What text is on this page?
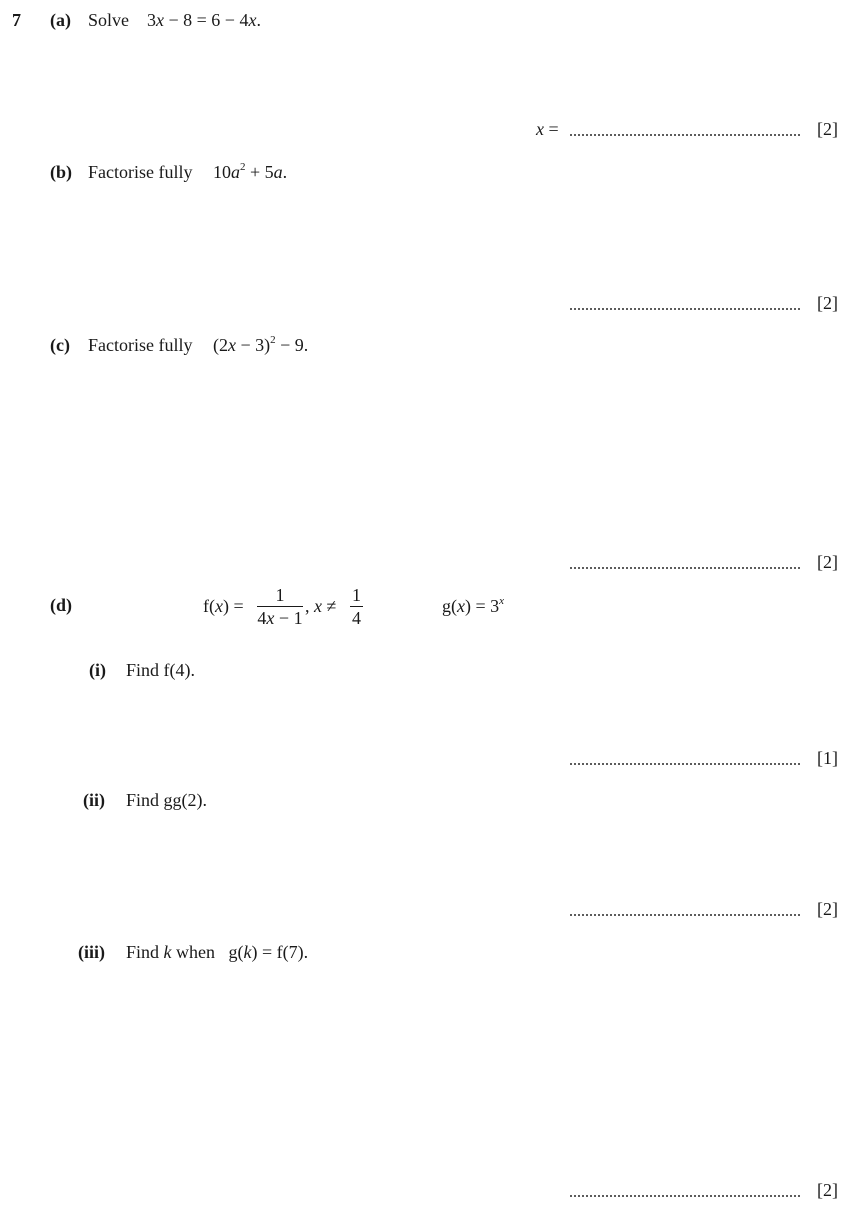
7 (a) Solve 3x − 8 = 6 − 4x.
x =	[2]
(b) Factorise fully $10a^2 + 5a$.
[2]
(c) Factorise fully $(2x - 3)^2 - 9$.
[2]
(d)	f(x) =
1
4x − 1
, x ≠
1
4
$g(x) = 3^x$
(i) Find f(4).
[1]
(ii) Find gg(2).
[2]
(iii) Find k when g(k) = f(7).
[2]
